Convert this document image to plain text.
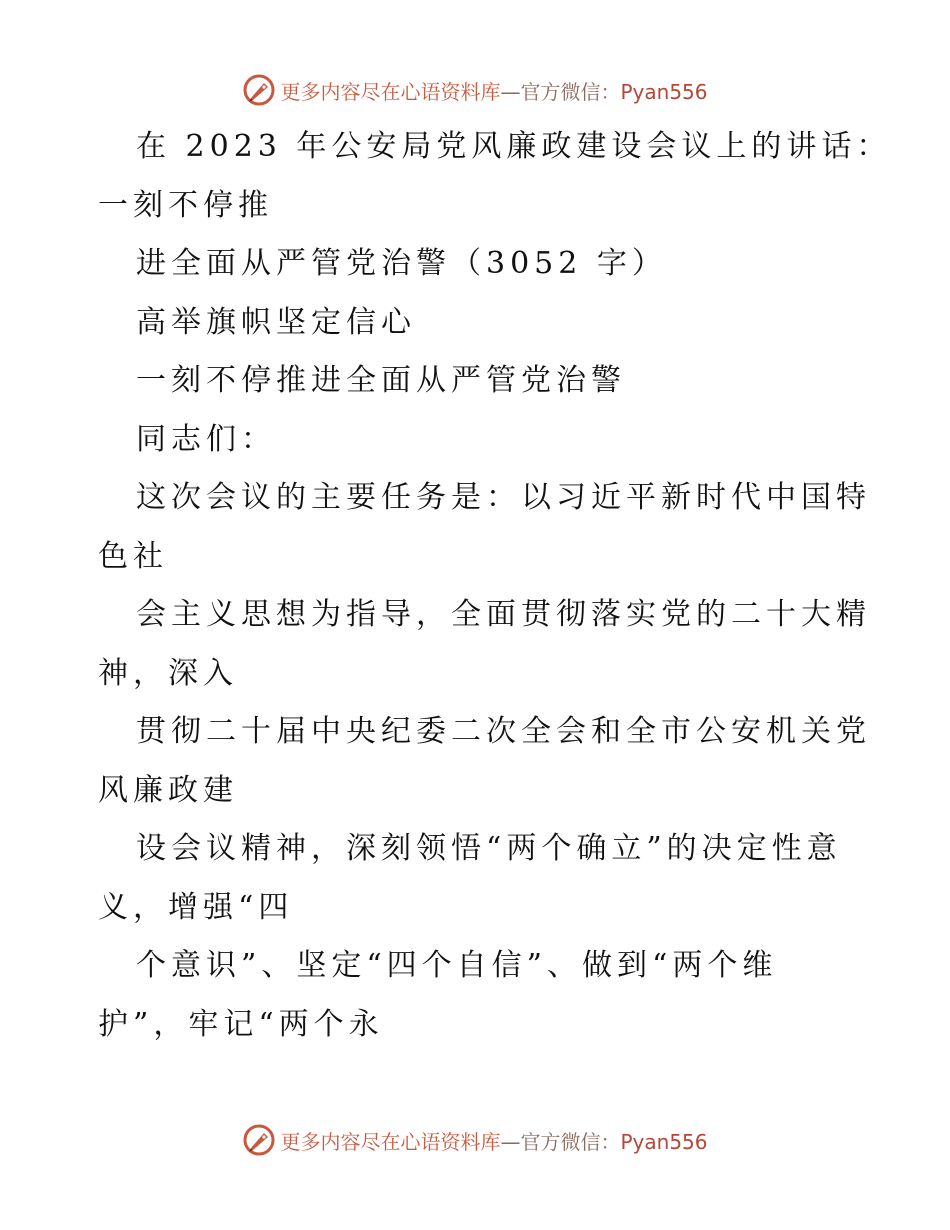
更多内容尽在心语资料库—官方微信：Pyan556
在 2023 年公安局党风廉政建设会议上的讲话：
一刻不停推
进全面从严管党治警（3052 字）
高举旗帜坚定信心
一刻不停推进全面从严管党治警
同志们：
这次会议的主要任务是：以习近平新时代中国特
色社
会主义思想为指导，全面贯彻落实党的二十大精
神，深入
贯彻二十届中央纪委二次全会和全市公安机关党
风廉政建
设会议精神，深刻领悟“两个确立”的决定性意
义，增强“四
个意识”、坚定“四个自信”、做到“两个维
护”，牢记“两个永
更多内容尽在心语资料库—官方微信：Pyan556
